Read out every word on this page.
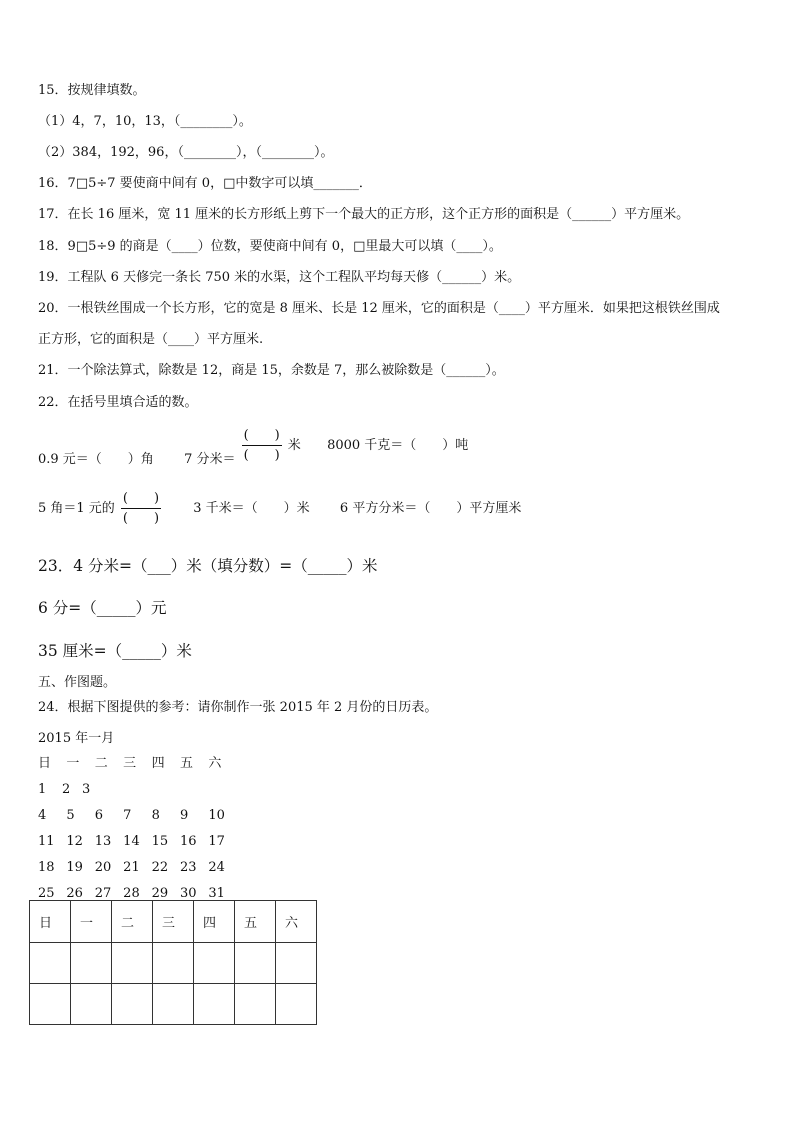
15．按规律填数。
（1）4，7，10，13，（________）。
（2）384，192，96，（________），（________）。
16．7□5÷7 要使商中间有 0，□中数字可以填_______．
17．在长 16 厘米，宽 11 厘米的长方形纸上剪下一个最大的正方形，这个正方形的面积是（______）平方厘米。
18．9□5÷9 的商是（____）位数，要使商中间有 0，□里最大可以填（____）。
19．工程队 6 天修完一条长 750 米的水渠，这个工程队平均每天修（______）米。
20．一根铁丝围成一个长方形，它的宽是 8 厘米、长是 12 厘米，它的面积是（____）平方厘米．如果把这根铁丝围成
正方形，它的面积是（____）平方厘米.
21．一个除法算式，除数是 12，商是 15，余数是 7，那么被除数是（______）。
22．在括号里填合适的数。
0.9 元＝（　　）角 7 分米＝ $\frac{( )}{( )}$ 米 8000 千克＝（　　）吨
5 角＝1 元的 $\frac{( )}{( )} 3$ 千米＝（　　）米 6 平方分米＝（　　）平方厘米
23．4 分米=（___）米（填分数）=（_____）米
6 分=（_____）元
35 厘米=（_____）米
五、作图题。
24．根据下图提供的参考：请你制作一张 2015 年 2 月份的日历表。
2015 年一月
日 一 二 三 四 五 六
1 2 3
4 5 6 7 8 9 10
11 12 13 14 15 16 17
18 19 20 21 22 23 24
25 26 27 28 29 30 31
日	一	二	三	四	五	六
